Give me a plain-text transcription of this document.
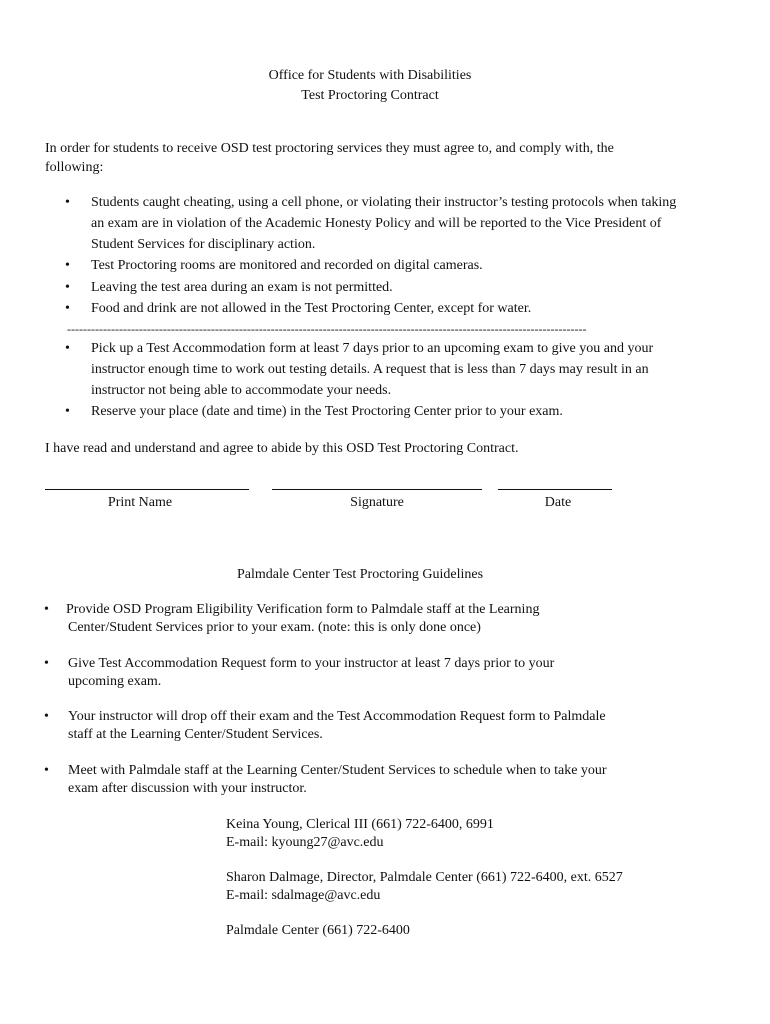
Office for Students with Disabilities
Test Proctoring Contract
In order for students to receive OSD test proctoring services they must agree to, and comply with, the
following:
•	Students caught cheating, using a cell phone, or violating their instructor’s testing protocols when taking
an exam are in violation of the Academic Honesty Policy and will be reported to the Vice President of
Student Services for disciplinary action.
•	Test Proctoring rooms are monitored and recorded on digital cameras.
•	Leaving the test area during an exam is not permitted.
•	Food and drink are not allowed in the Test Proctoring Center, except for water.
----------------------------------------------------------------------------------------------------------------------------------
•	Pick up a Test Accommodation form at least 7 days prior to an upcoming exam to give you and your
instructor enough time to work out testing details. A request that is less than 7 days may result in an
instructor not being able to accommodate your needs.
•	Reserve your place (date and time) in the Test Proctoring Center prior to your exam.
I have read and understand and agree to abide by this OSD Test Proctoring Contract.
Print Name	Signature	Date
Palmdale Center Test Proctoring Guidelines
•	Provide OSD Program Eligibility Verification form to Palmdale staff at the Learning
Center/Student Services prior to your exam. (note: this is only done once)
•	Give Test Accommodation Request form to your instructor at least 7 days prior to your
upcoming exam.
•	Your instructor will drop off their exam and the Test Accommodation Request form to Palmdale
staff at the Learning Center/Student Services.
•	Meet with Palmdale staff at the Learning Center/Student Services to schedule when to take your
exam after discussion with your instructor.
Keina Young, Clerical III (661) 722-6400, 6991
E-mail: kyoung27@avc.edu
Sharon Dalmage, Director, Palmdale Center (661) 722-6400, ext. 6527
E-mail: sdalmage@avc.edu
Palmdale Center (661) 722-6400
